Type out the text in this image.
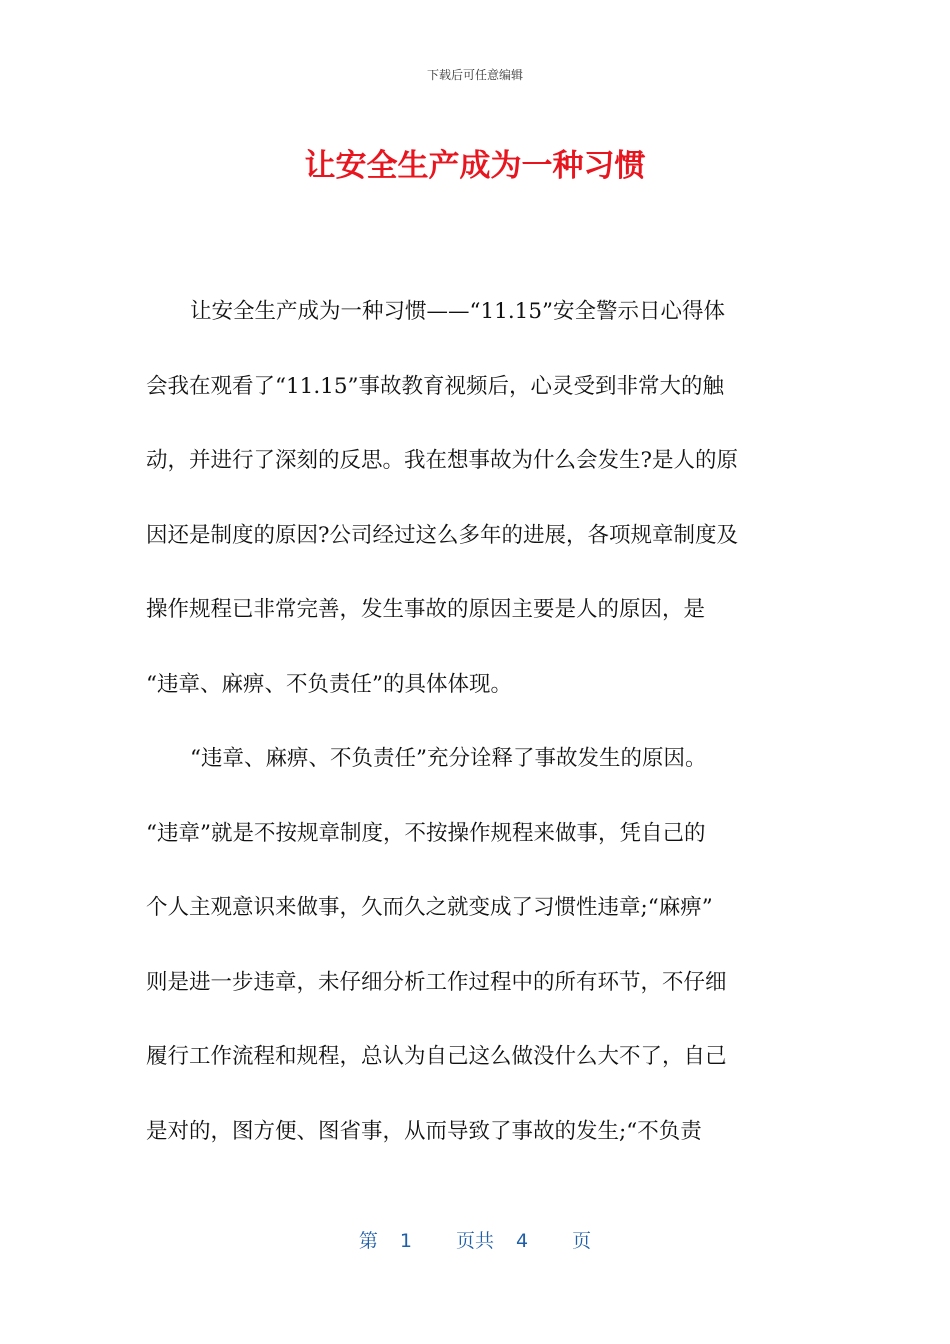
下载后可任意编辑
让安全生产成为一种习惯
让安全生产成为一种习惯——“11.15”安全警示日心得体
会我在观看了“11.15”事故教育视频后，心灵受到非常大的触
动，并进行了深刻的反思。我在想事故为什么会发生?是人的原
因还是制度的原因?公司经过这么多年的进展，各项规章制度及
操作规程已非常完善，发生事故的原因主要是人的原因，是
“违章、麻痹、不负责任”的具体体现。
“违章、麻痹、不负责任”充分诠释了事故发生的原因。
“违章”就是不按规章制度，不按操作规程来做事，凭自己的
个人主观意识来做事，久而久之就变成了习惯性违章;“麻痹”
则是进一步违章，未仔细分析工作过程中的所有环节，不仔细
履行工作流程和规程，总认为自己这么做没什么大不了，自己
是对的，图方便、图省事，从而导致了事故的发生;“不负责
第 1 页共 4 页
